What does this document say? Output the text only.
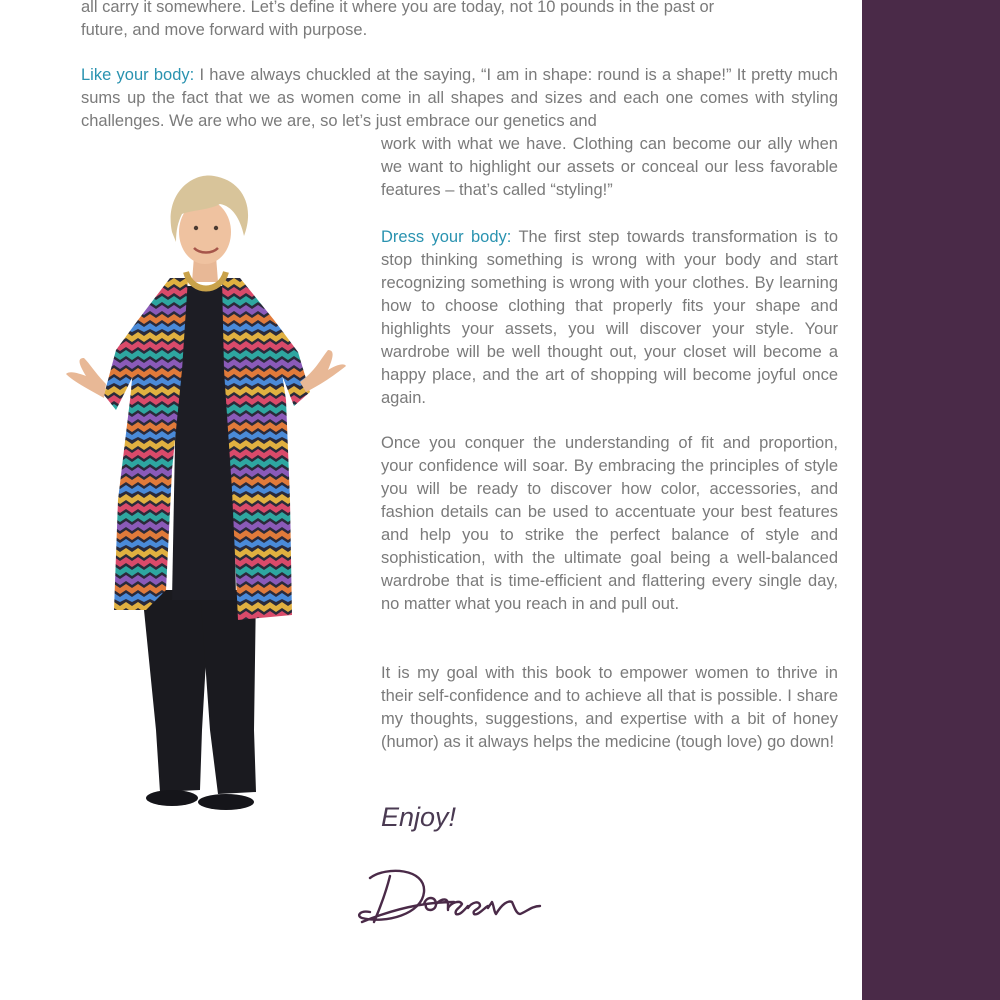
all carry it somewhere. Let’s define it where you are today, not 10 pounds in the past or
future, and move forward with purpose.

Like your body: I have always chuckled at the saying, “I am in shape: round is a shape!” It pretty much sums up the fact that we as women come in all shapes and sizes and each one comes with styling challenges. We are who we are, so let’s just embrace our genetics and

work with what we have. Clothing can become our ally when we want to highlight our assets or conceal our less favorable features – that’s called “styling!”

Dress your body: The first step towards transformation is to stop thinking something is wrong with your body and start recognizing something is wrong with your clothes. By learning how to choose clothing that properly fits your shape and highlights your assets, you will discover your style. Your wardrobe will be well thought out, your closet will become a happy place, and the art of shopping will become joyful once again.

Once you conquer the understanding of fit and proportion, your confidence will soar. By embracing the principles of style you will be ready to discover how color, accessories, and fashion details can be used to accentuate your best features and help you to strike the perfect balance of style and sophistication, with the ultimate goal being a well-balanced wardrobe that is time-efficient and flattering every single day, no matter what you reach in and pull out.

It is my goal with this book to empower women to thrive in their self-confidence and to achieve all that is possible. I share my thoughts, suggestions, and expertise with a bit of honey (humor) as it always helps the medicine (tough love) go down!

Enjoy!
